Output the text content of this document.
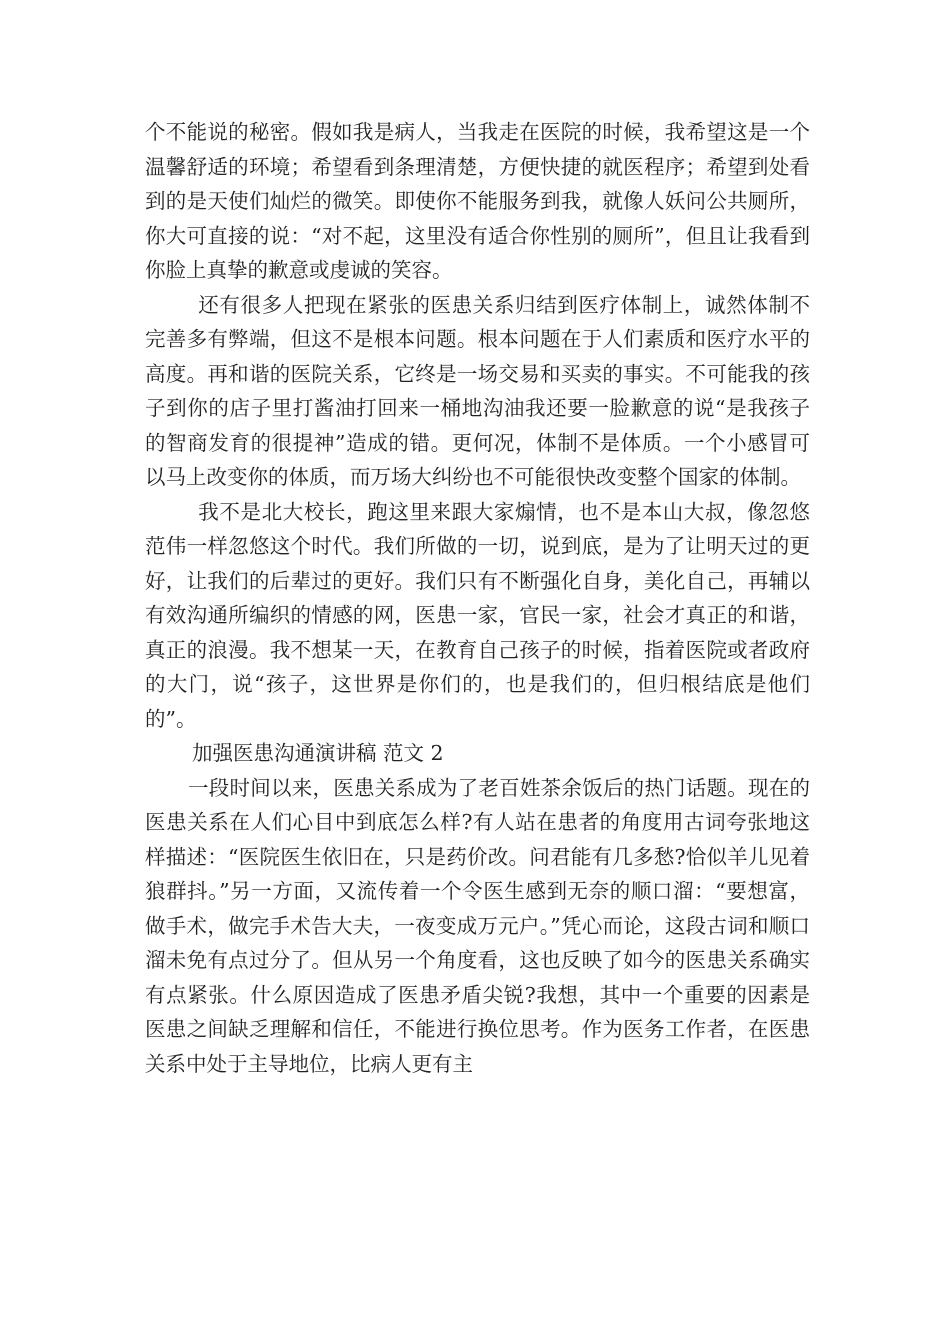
个不能说的秘密。假如我是病人，当我走在医院的时候，我希望这是一个温馨舒适的环境；希望看到条理清楚，方便快捷的就医程序；希望到处看到的是天使们灿烂的微笑。即使你不能服务到我，就像人妖问公共厕所，你大可直接的说：“对不起，这里没有适合你性别的厕所”，但且让我看到你脸上真挚的歉意或虔诚的笑容。

还有很多人把现在紧张的医患关系归结到医疗体制上，诚然体制不完善多有弊端，但这不是根本问题。根本问题在于人们素质和医疗水平的高度。再和谐的医院关系，它终是一场交易和买卖的事实。不可能我的孩子到你的店子里打酱油打回来一桶地沟油我还要一脸歉意的说“是我孩子的智商发育的很提神”造成的错。更何况，体制不是体质。一个小感冒可以马上改变你的体质，而万场大纠纷也不可能很快改变整个国家的体制。

我不是北大校长，跑这里来跟大家煽情，也不是本山大叔，像忽悠范伟一样忽悠这个时代。我们所做的一切，说到底，是为了让明天过的更好，让我们的后辈过的更好。我们只有不断强化自身，美化自己，再辅以有效沟通所编织的情感的网，医患一家，官民一家，社会才真正的和谐，真正的浪漫。我不想某一天，在教育自己孩子的时候，指着医院或者政府的大门，说“孩子，这世界是你们的，也是我们的，但归根结底是他们的”。

加强医患沟通演讲稿 范文 2

一段时间以来，医患关系成为了老百姓茶余饭后的热门话题。现在的医患关系在人们心目中到底怎么样?有人站在患者的角度用古词夸张地这样描述：“医院医生依旧在，只是药价改。问君能有几多愁?恰似羊儿见着狼群抖。”另一方面，又流传着一个令医生感到无奈的顺口溜：“要想富，做手术，做完手术告大夫，一夜变成万元户。”凭心而论，这段古词和顺口溜未免有点过分了。但从另一个角度看，这也反映了如今的医患关系确实有点紧张。什么原因造成了医患矛盾尖锐?我想，其中一个重要的因素是医患之间缺乏理解和信任，不能进行换位思考。作为医务工作者，在医患关系中处于主导地位，比病人更有主
